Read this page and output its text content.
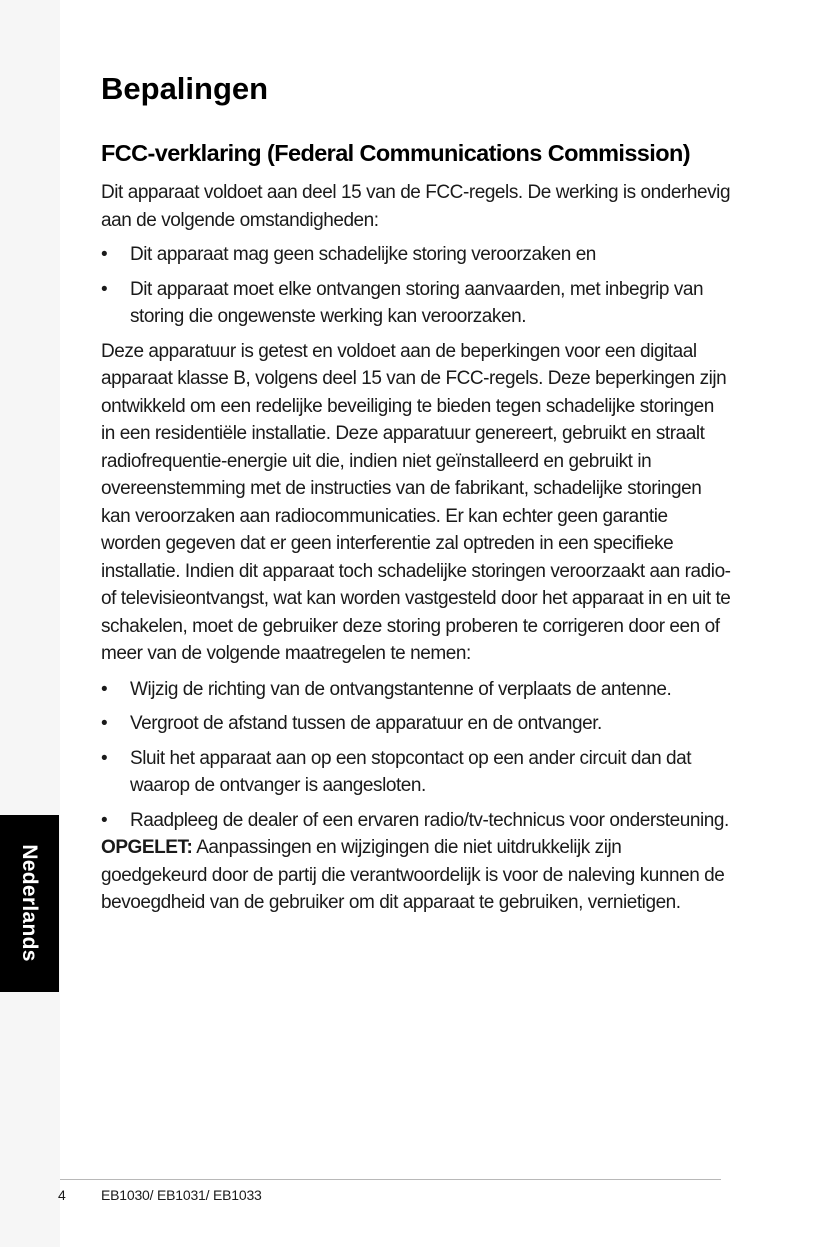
Nederlands
Bepalingen
FCC-verklaring (Federal Communications Commission)

Dit apparaat voldoet aan deel 15 van de FCC-regels. De werking is onderhevig aan de volgende omstandigheden:

• Dit apparaat mag geen schadelijke storing veroorzaken en
• Dit apparaat moet elke ontvangen storing aanvaarden, met inbegrip van storing die ongewenste werking kan veroorzaken.

Deze apparatuur is getest en voldoet aan de beperkingen voor een digitaal apparaat klasse B, volgens deel 15 van de FCC-regels. Deze beperkingen zijn ontwikkeld om een redelijke beveiliging te bieden tegen schadelijke storingen in een residentiële installatie. Deze apparatuur genereert, gebruikt en straalt radiofrequentie-energie uit die, indien niet geïnstalleerd en gebruikt in overeenstemming met de instructies van de fabrikant, schadelijke storingen kan veroorzaken aan radiocommunicaties. Er kan echter geen garantie worden gegeven dat er geen interferentie zal optreden in een specifieke installatie. Indien dit apparaat toch schadelijke storingen veroorzaakt aan radio- of televisieontvangst, wat kan worden vastgesteld door het apparaat in en uit te schakelen, moet de gebruiker deze storing proberen te corrigeren door een of meer van de volgende maatregelen te nemen:

• Wijzig de richting van de ontvangstantenne of verplaats de antenne.
• Vergroot de afstand tussen de apparatuur en de ontvanger.
• Sluit het apparaat aan op een stopcontact op een ander circuit dan dat waarop de ontvanger is aangesloten.
• Raadpleeg de dealer of een ervaren radio/tv-technicus voor ondersteuning.

OPGELET: Aanpassingen en wijzigingen die niet uitdrukkelijk zijn goedgekeurd door de partij die verantwoordelijk is voor de naleving kunnen de bevoegdheid van de gebruiker om dit apparaat te gebruiken, vernietigen.

4	EB1030/ EB1031/ EB1033
